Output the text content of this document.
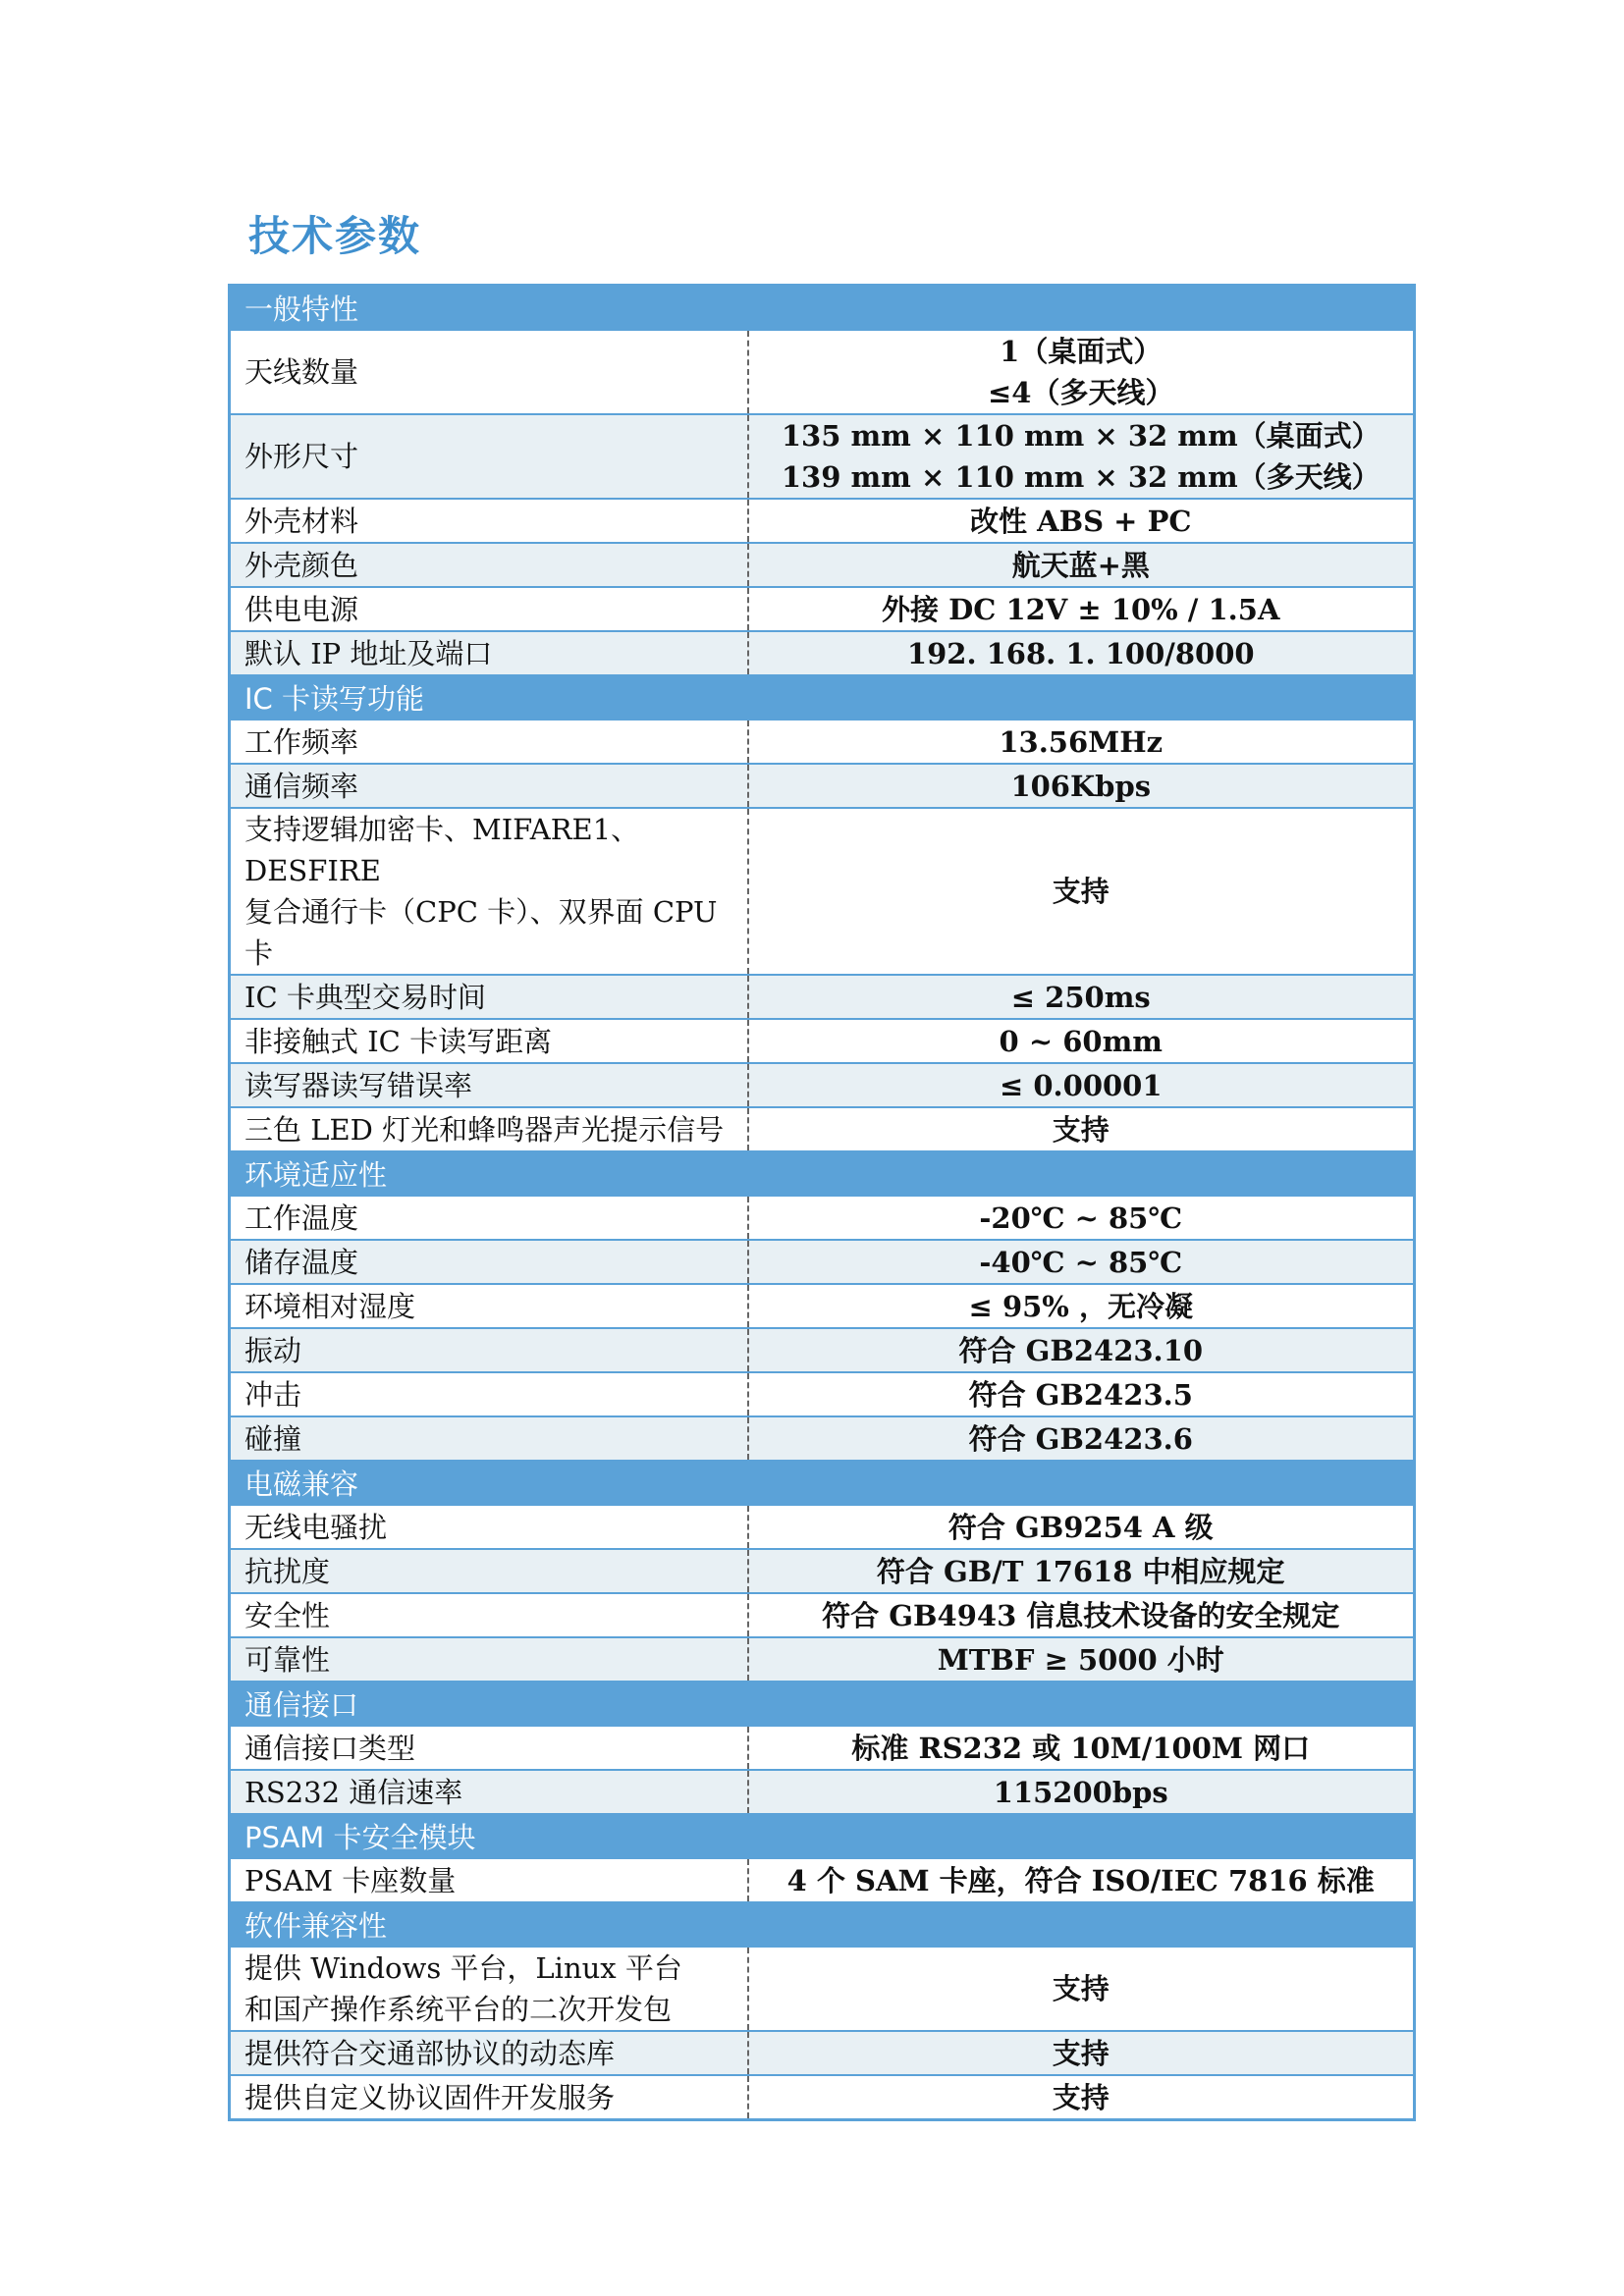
技术参数
一般特性	
天线数量	1（桌面式）
≤4（多天线）

外形尺寸	135 mm × 110 mm × 32 mm（桌面式）
139 mm × 110 mm × 32 mm（多天线）

外壳材料	改性 ABS + PC

外壳颜色	航天蓝+黑

供电电源	外接 DC 12V ± 10% / 1.5A

默认 IP 地址及端口	192. 168. 1. 100/8000

IC 卡读写功能	
工作频率	13.56MHz

通信频率	106Kbps

支持逻辑加密卡、MIFARE1、DESFIRE
复合通行卡（CPC 卡）、双界面 CPU 卡	支持

IC 卡典型交易时间	≤ 250ms

非接触式 IC 卡读写距离	0 ~ 60mm

读写器读写错误率	≤ 0.00001

三色 LED 灯光和蜂鸣器声光提示信号	支持

环境适应性	
工作温度	-20℃ ~ 85℃

储存温度	-40℃ ~ 85℃

环境相对湿度	≤ 95% ，无冷凝

振动	符合 GB2423.10

冲击	符合 GB2423.5

碰撞	符合 GB2423.6

电磁兼容	
无线电骚扰	符合 GB9254 A 级

抗扰度	符合 GB/T 17618 中相应规定

安全性	符合 GB4943 信息技术设备的安全规定

可靠性	MTBF ≥ 5000 小时

通信接口	
通信接口类型	标准 RS232 或 10M/100M 网口

RS232 通信速率	115200bps

PSAM 卡安全模块	
PSAM 卡座数量	4 个 SAM 卡座，符合 ISO/IEC 7816 标准

软件兼容性	
提供 Windows 平台，Linux 平台
和国产操作系统平台的二次开发包	支持

提供符合交通部协议的动态库	支持

提供自定义协议固件开发服务	支持
